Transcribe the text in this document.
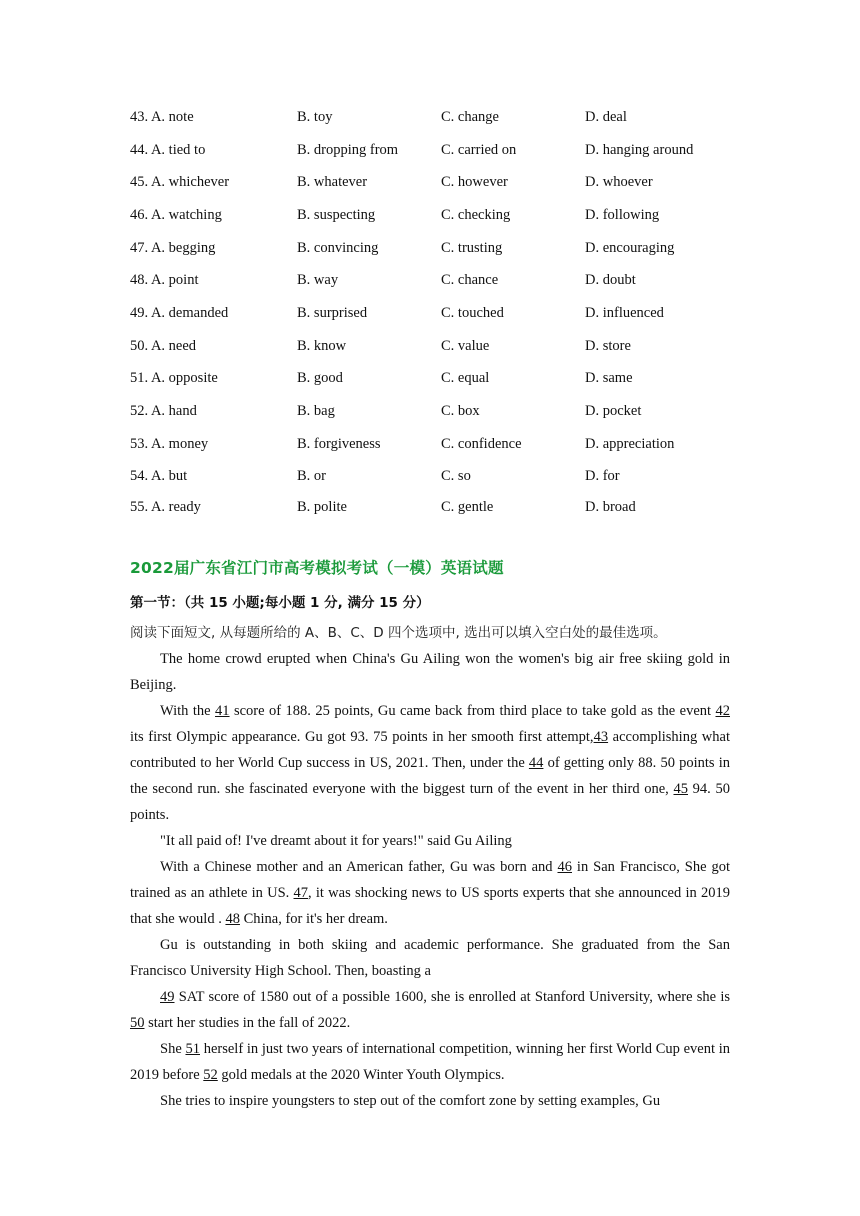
43. A. note	B. toy	C. change	D. deal
44. A. tied to	B. dropping from	C. carried on	D. hanging around
45. A. whichever	B. whatever	C. however	D. whoever
46. A. watching	B. suspecting	C. checking	D. following
47. A. begging	B. convincing	C. trusting	D. encouraging
48. A. point	B. way	C. chance	D. doubt
49. A. demanded	B. surprised	C. touched	D. influenced
50. A. need	B. know	C. value	D. store
51. A. opposite	B. good	C. equal	D. same
52. A. hand	B. bag	C. box	D. pocket
53. A. money	B. forgiveness	C. confidence	D. appreciation
54. A. but	B. or	C. so	D. for
55. A. ready	B. polite	C. gentle	D. broad
2022届广东省江门市高考模拟考试（一模）英语试题
第一节：（共 15 小题;每小题 1 分, 满分 15 分）
阅读下面短文, 从每题所给的 A、B、C、D 四个选项中, 选出可以填入空白处的最佳选项。

The home crowd erupted when China's Gu Ailing won the women's big air free skiing gold in Beijing.

With the 41 score of 188. 25 points, Gu came back from third place to take gold as the event 42 its first Olympic appearance. Gu got 93. 75 points in her smooth first attempt,43 accomplishing what contributed to her World Cup success in US, 2021. Then, under the 44 of getting only 88. 50 points in the second run. she fascinated everyone with the biggest turn of the event in her third one, 45 94. 50 points.

"It all paid of! I've dreamt about it for years!" said Gu Ailing

With a Chinese mother and an American father, Gu was born and 46 in San Francisco, She got trained as an athlete in US. 47, it was shocking news to US sports experts that she announced in 2019 that she would . 48 China, for it's her dream.

Gu is outstanding in both skiing and academic performance. She graduated from the San Francisco University High School. Then, boasting a

49 SAT score of 1580 out of a possible 1600, she is enrolled at Stanford University, where she is 50 start her studies in the fall of 2022.

She 51 herself in just two years of international competition, winning her first World Cup event in 2019 before 52 gold medals at the 2020 Winter Youth Olympics.

She tries to inspire youngsters to step out of the comfort zone by setting examples, Gu
